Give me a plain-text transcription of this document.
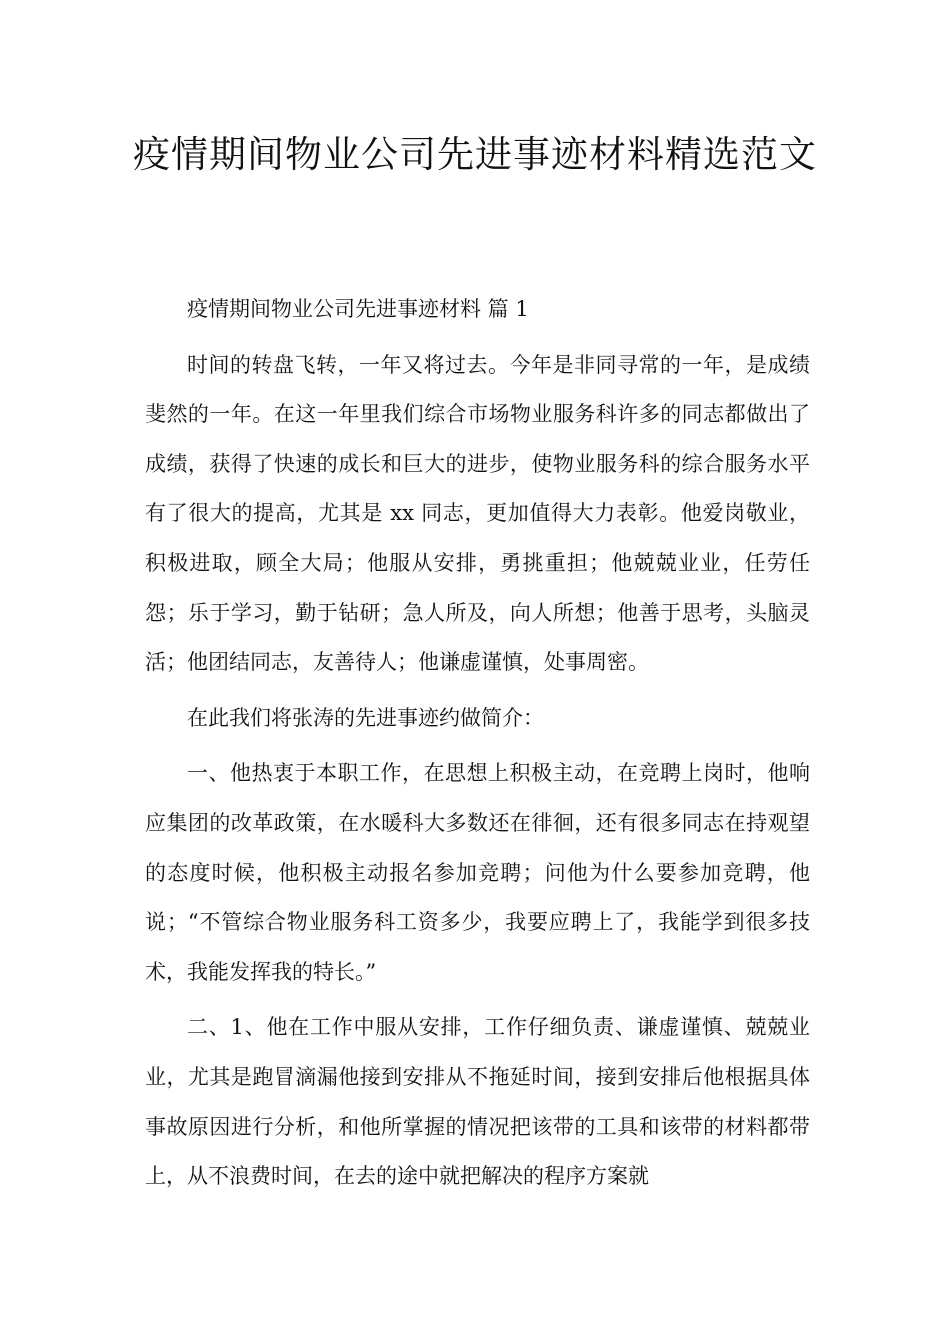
疫情期间物业公司先进事迹材料精选范文

疫情期间物业公司先进事迹材料 篇 1

时间的转盘飞转，一年又将过去。今年是非同寻常的一年，是成绩斐然的一年。在这一年里我们综合市场物业服务科许多的同志都做出了成绩，获得了快速的成长和巨大的进步，使物业服务科的综合服务水平有了很大的提高，尤其是 xx 同志，更加值得大力表彰。他爱岗敬业，积极进取，顾全大局；他服从安排，勇挑重担；他兢兢业业，任劳任怨；乐于学习，勤于钻研；急人所及，向人所想；他善于思考，头脑灵活；他团结同志，友善待人；他谦虚谨慎，处事周密。

在此我们将张涛的先进事迹约做简介：

一、他热衷于本职工作，在思想上积极主动，在竞聘上岗时，他响应集团的改革政策，在水暖科大多数还在徘徊，还有很多同志在持观望的态度时候，他积极主动报名参加竞聘；问他为什么要参加竞聘，他说；“不管综合物业服务科工资多少，我要应聘上了，我能学到很多技术，我能发挥我的特长。”

二、1、他在工作中服从安排，工作仔细负责、谦虚谨慎、兢兢业业，尤其是跑冒滴漏他接到安排从不拖延时间，接到安排后他根据具体事故原因进行分析，和他所掌握的情况把该带的工具和该带的材料都带上，从不浪费时间，在去的途中就把解决的程序方案就
